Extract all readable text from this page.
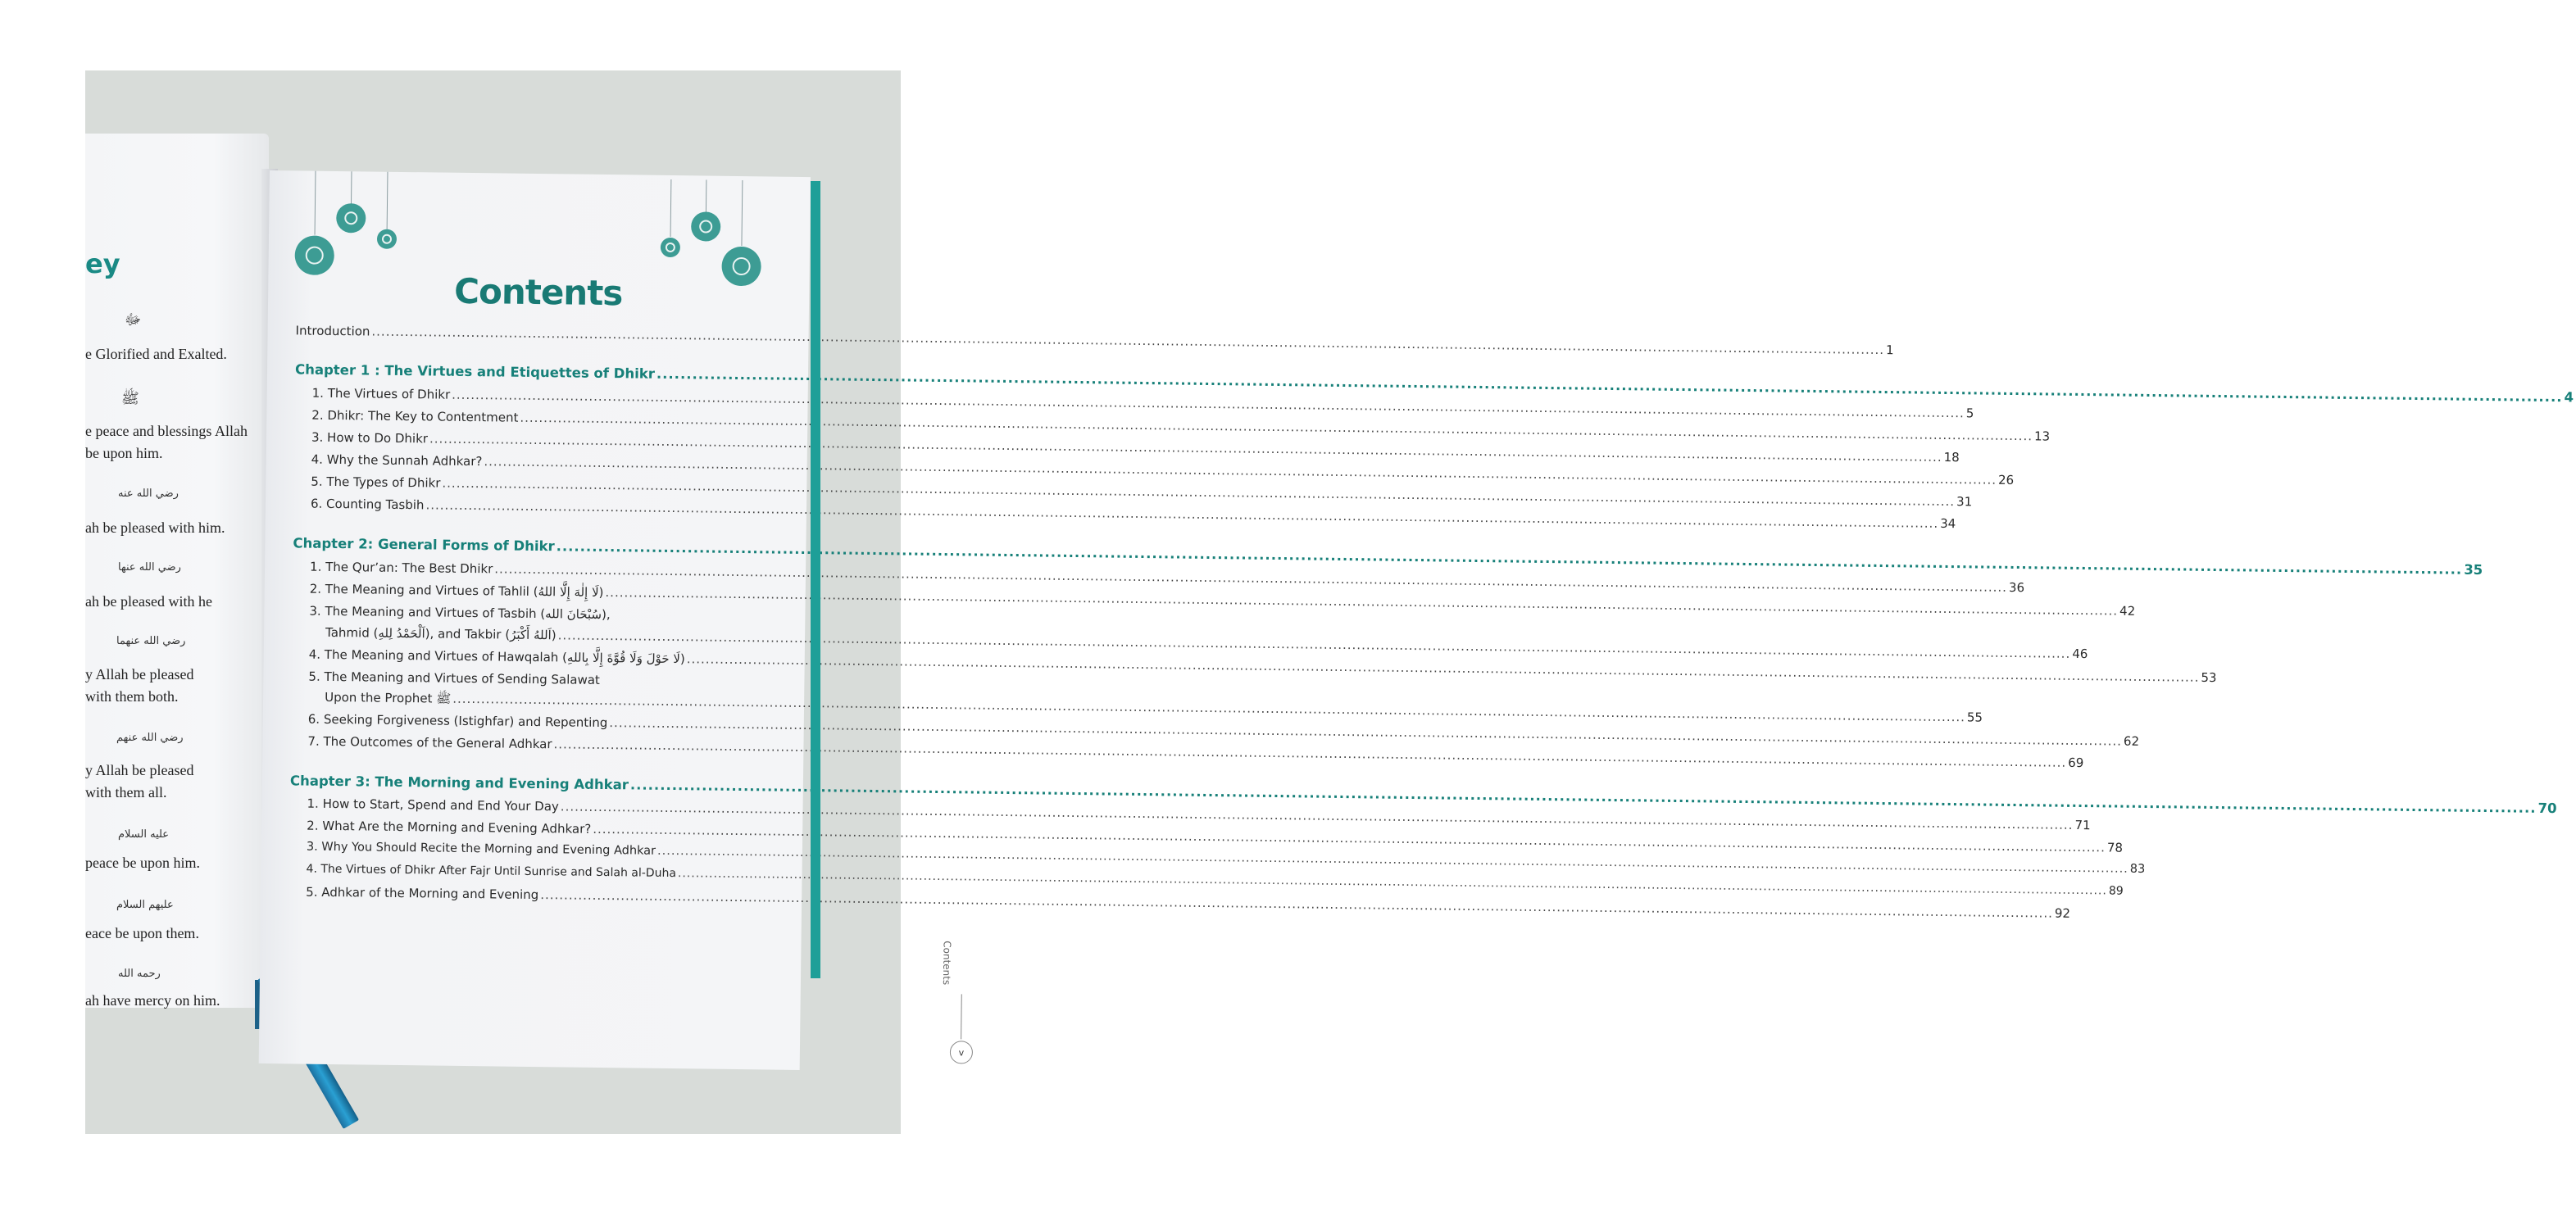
ey
ﷻ
e Glorified and Exalted.
ﷺ
e peace and blessings Allah be upon him.
رضي الله عنه
ah be pleased with him.
رضي الله عنها
ah be pleased with he
رضي الله عنهما
y Allah be pleased with them both.
رضي الله عنهم
y Allah be pleased with them all.
عليه السلام
peace be upon him.
عليهم السلام
eace be upon them.
رحمه الله
ah have mercy on him.
Contents
Introduction
.....
1
Chapter 1 : The Virtues and Etiquettes of Dhikr
.....
4
1. The Virtues of Dhikr
.....
5
2. Dhikr: The Key to Contentment
.....
13
3. How to Do Dhikr
.....
18
4. Why the Sunnah Adhkar?
.....
26
5. The Types of Dhikr
.....
31
6. Counting Tasbih
.....
34
Chapter 2: General Forms of Dhikr
.....
35
1. The Qur’an: The Best Dhikr
.....
36
2. The Meaning and Virtues of Tahlil (لَا إِلٰهَ إِلَّا اللهُ)
.....
42
3. The Meaning and Virtues of Tasbih (سُبْحَانَ الله),
Tahmid (اَلْحَمْدُ لِلهِ), and Takbir (اَللهُ أَكْبَرُ)
.....
46
4. The Meaning and Virtues of Hawqalah (لَا حَوْلَ وَلَا قُوَّةَ إِلَّا بِاللهِ)
.....
53
5. The Meaning and Virtues of Sending Salawat
Upon the Prophet ﷺ
.....
55
6. Seeking Forgiveness (Istighfar) and Repenting
.....
62
7. The Outcomes of the General Adhkar
.....
69
Chapter 3: The Morning and Evening Adhkar
.....
70
1. How to Start, Spend and End Your Day
.....
71
2. What Are the Morning and Evening Adhkar?
.....
78
3. Why You Should Recite the Morning and Evening Adhkar
.....
83
4. The Virtues of Dhikr After Fajr Until Sunrise and Salah al-Duha
.....
89
5. Adhkar of the Morning and Evening
.....
92
Contents
v
